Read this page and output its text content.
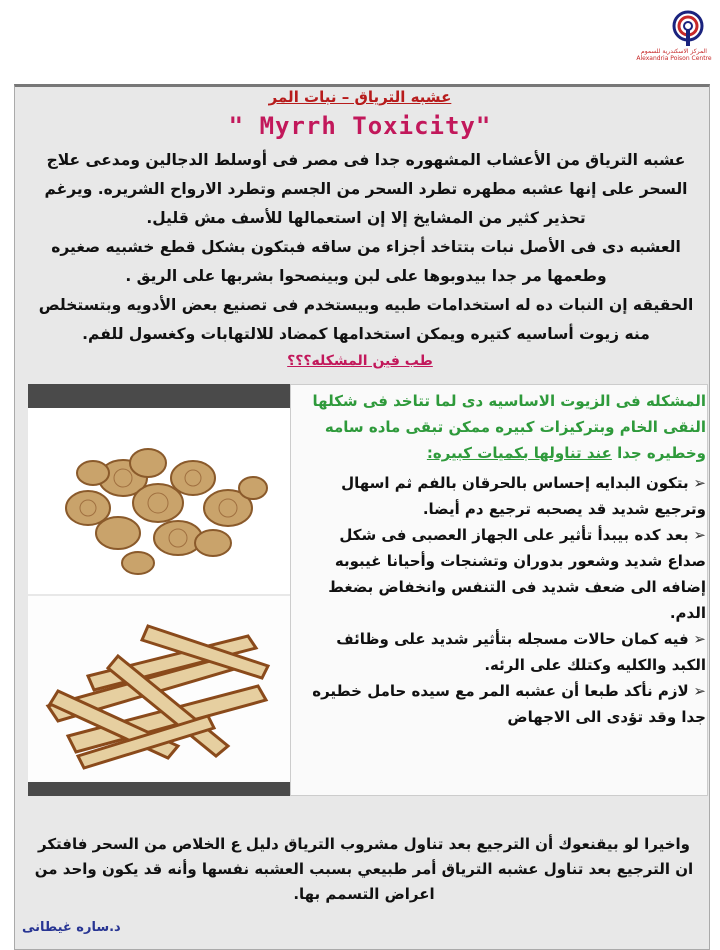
المركز الاسكندرية للسموم
Alexandria Poison Centre
عشبه الترياق – نبات المر
" Myrrh Toxicity"

عشبه الترياق من الأعشاب المشهوره جدا فى مصر فى أوسلط الدجالين ومدعى علاج السحر على إنها عشبه مطهره تطرد السحر من الجسم وتطرد الارواح الشريره. ويرغم تحذير كثير من المشايخ إلا إن استعمالها للأسف مش قليل.

العشبه دى فى الأصل نبات بتتاخد أجزاء من ساقه فبتكون بشكل قطع خشبيه صغيره وطعمها مر جدا بيدوبوها على لبن وبينصحوا بشربها على الريق .

الحقيقه إن النبات ده له استخدامات طبيه وبيستخدم فى تصنيع بعض الأدويه وبتستخلص منه زيوت أساسيه كتيره ويمكن استخدامها كمضاد للالتهابات وكغسول للفم.

طب فين المشكله؟؟؟
المشكله فى الزيوت الاساسيه دى لما تتاخد فى شكلها النقى الخام وبتركيزات كبيره ممكن تبقى ماده سامه وخطيره جدا عند تناولها بكميات كبيره:

➢ بتكون البدايه إحساس بالحرقان بالفم ثم اسهال وترجيع شديد قد يصحبه ترجيع دم أيضا.

➢ بعد كده بيبدأ تأثير على الجهاز العصبى فى شكل صداع شديد وشعور بدوران وتشنجات وأحيانا غيبوبه إضافه الى ضعف شديد فى التنفس وانخفاض بضغط الدم.

➢ فيه كمان حالات مسجله بتأثير شديد على وظائف الكبد والكليه وكتلك على الرئه.

➢ لازم نأكد طبعا أن عشبه المر مع سيده حامل خطيره جدا وقد تؤدى الى الاجهاض

واخيرا لو بيقنعوك أن الترجيع بعد تناول مشروب الترياق دليل ع الخلاص من السحر فافتكر ان الترجيع بعد تناول عشبه الترياق أمر طبيعي بسبب العشبه نفسها وأنه قد يكون واحد من اعراض التسمم بها.
د.ساره غيطانى
